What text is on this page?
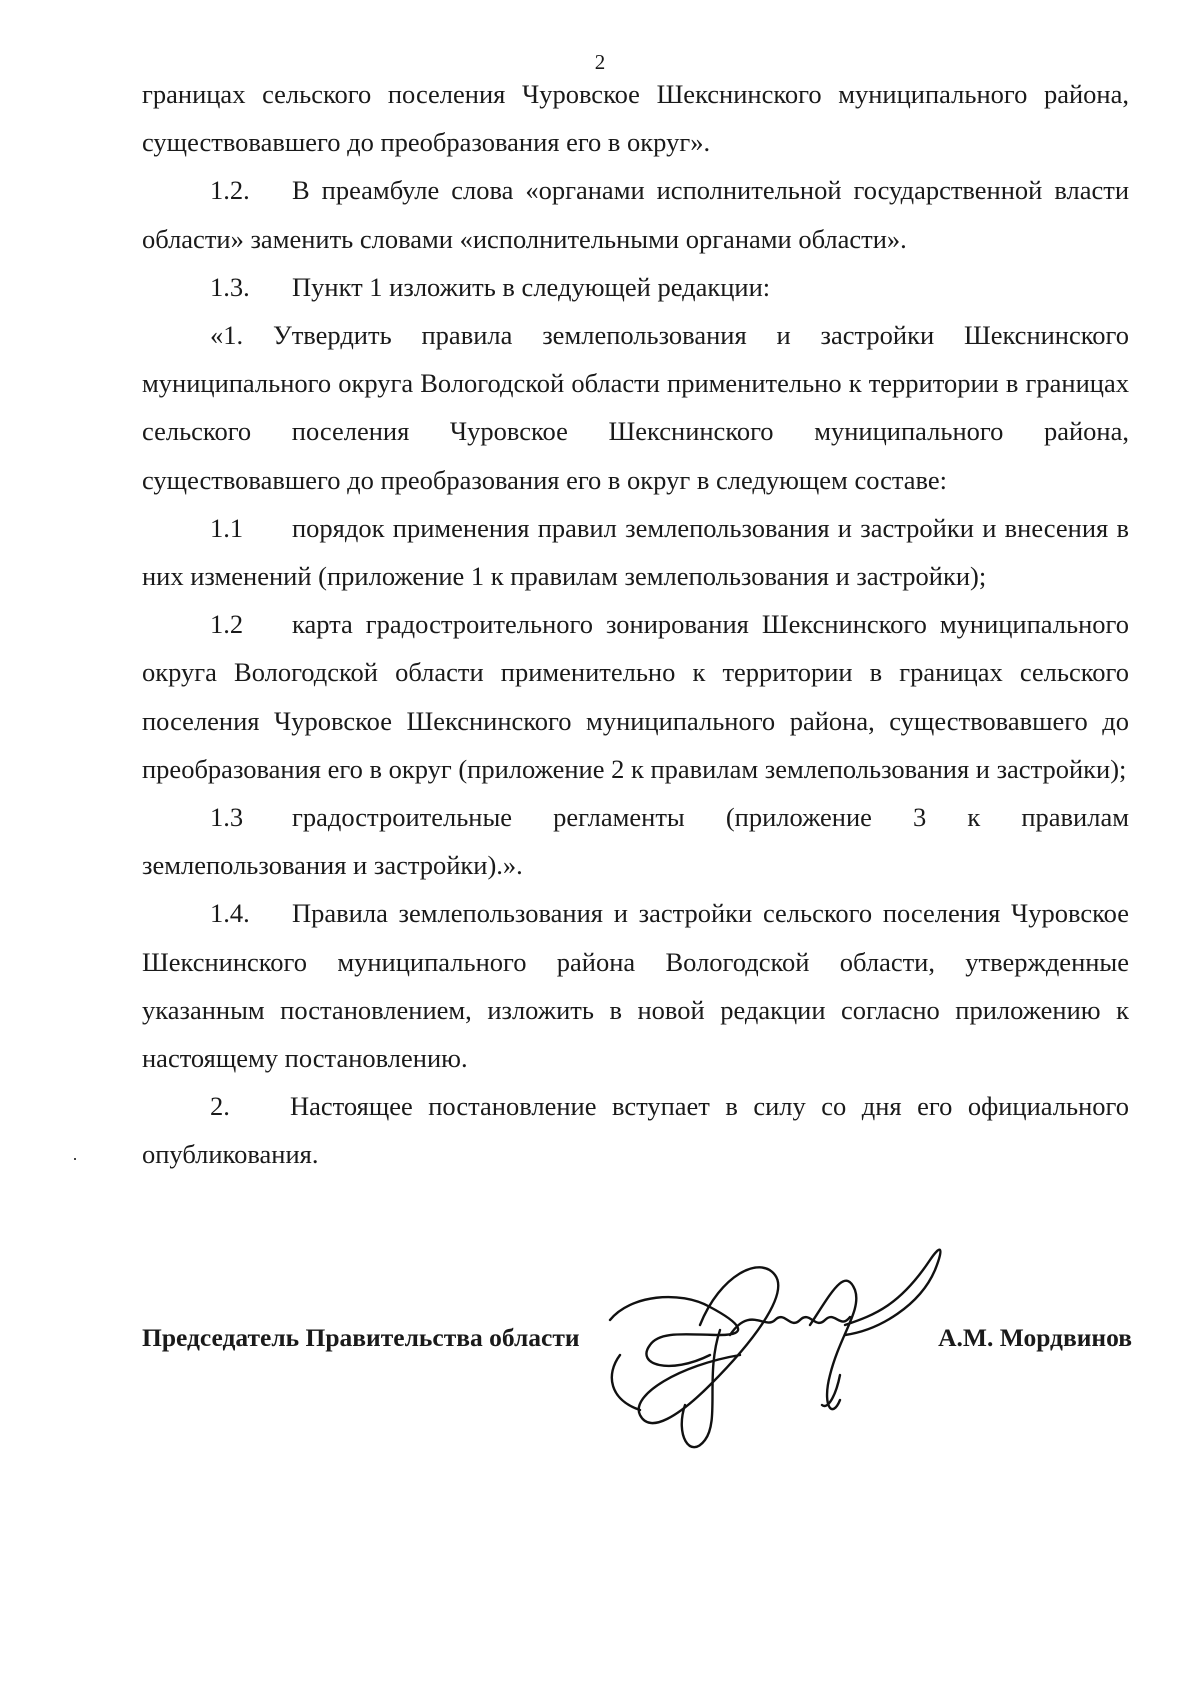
2

границах сельского поселения Чуровское Шекснинского муниципального района, существовавшего до преобразования его в округ».

1.2. В преамбуле слова «органами исполнительной государственной власти области» заменить словами «исполнительными органами области».

1.3. Пункт 1 изложить в следующей редакции:

«1. Утвердить правила землепользования и застройки Шекснинского муниципального округа Вологодской области применительно к территории в границах сельского поселения Чуровское Шекснинского муниципального района, существовавшего до преобразования его в округ в следующем составе:

1.1 порядок применения правил землепользования и застройки и внесения в них изменений (приложение 1 к правилам землепользования и застройки);

1.2 карта градостроительного зонирования Шекснинского муниципального округа Вологодской области применительно к территории в границах сельского поселения Чуровское Шекснинского муниципального района, существовавшего до преобразования его в округ (приложение 2 к правилам землепользования и застройки);

1.3 градостроительные регламенты (приложение 3 к правилам землепользования и застройки).».

1.4. Правила землепользования и застройки сельского поселения Чуровское Шекснинского муниципального района Вологодской области, утвержденные указанным постановлением, изложить в новой редакции согласно приложению к настоящему постановлению.

2. Настоящее постановление вступает в силу со дня его официального опубликования.

Председатель Правительства области	А.М. Мордвинов
